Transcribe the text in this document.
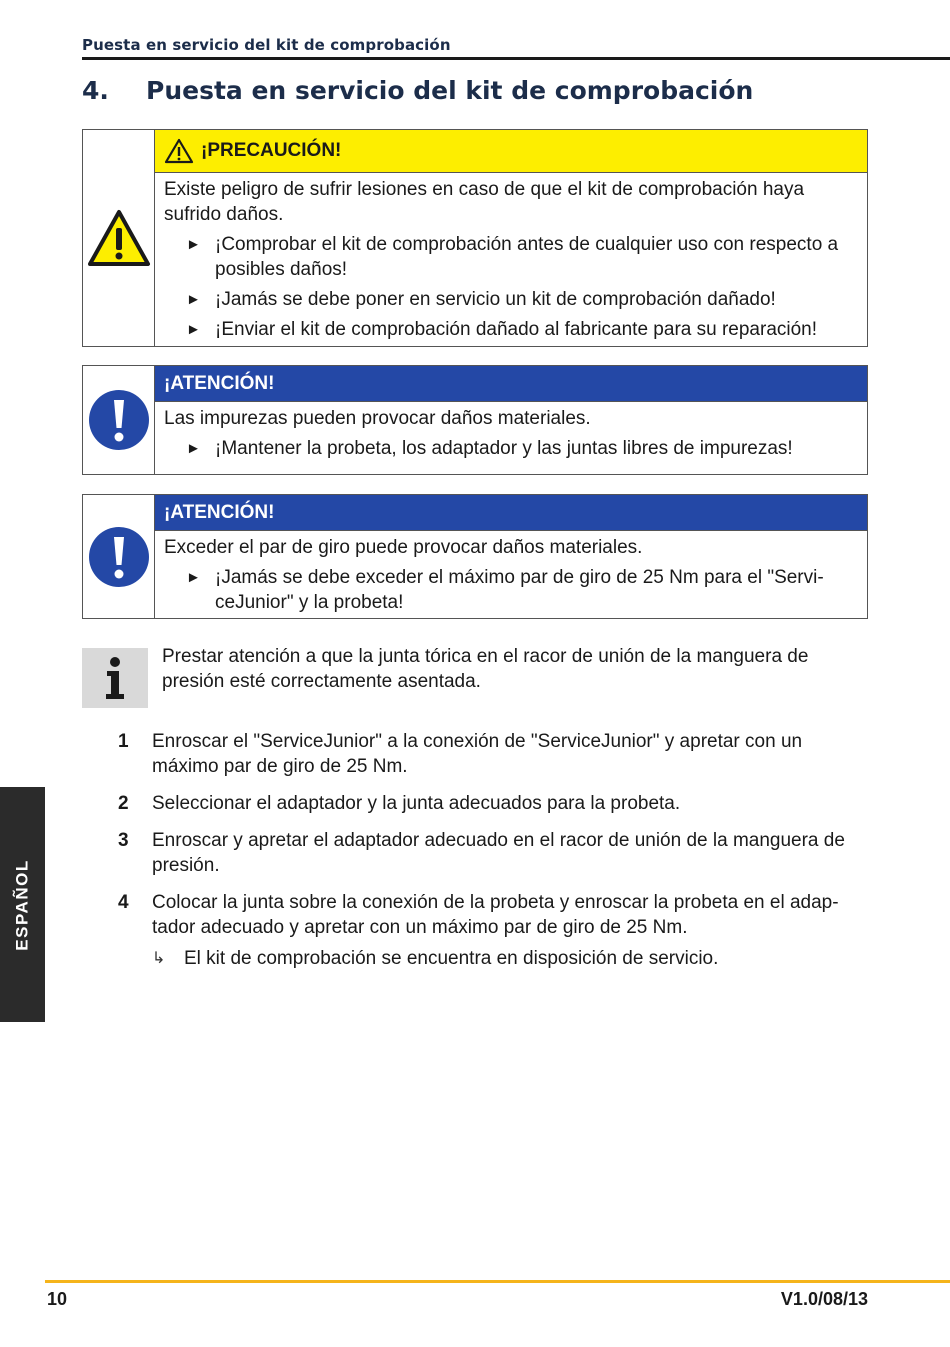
Puesta en servicio del kit de comprobación
4. Puesta en servicio del kit de comprobación
¡PRECAUCIÓN!

Existe peligro de sufrir lesiones en caso de que el kit de comprobación haya sufrido daños.

► ¡Comprobar el kit de comprobación antes de cualquier uso con respecto a posibles daños!
► ¡Jamás se debe poner en servicio un kit de comprobación dañado!
► ¡Enviar el kit de comprobación dañado al fabricante para su reparación!
¡ATENCIÓN!

Las impurezas pueden provocar daños materiales.

► ¡Mantener la probeta, los adaptador y las juntas libres de impurezas!
¡ATENCIÓN!

Exceder el par de giro puede provocar daños materiales.

► ¡Jamás se debe exceder el máximo par de giro de 25 Nm para el "Servi-ceJunior" y la probeta!
Prestar atención a que la junta tórica en el racor de unión de la manguera de presión esté correctamente asentada.
1	Enroscar el "ServiceJunior" a la conexión de "ServiceJunior" y apretar con un máximo par de giro de 25 Nm.
2	Seleccionar el adaptador y la junta adecuados para la probeta.
3	Enroscar y apretar el adaptador adecuado en el racor de unión de la manguera de presión.
4	Colocar la junta sobre la conexión de la probeta y enroscar la probeta en el adap-tador adecuado y apretar con un máximo par de giro de 25 Nm.
↳ El kit de comprobación se encuentra en disposición de servicio.
ESPAÑOL
10	V1.0/08/13
